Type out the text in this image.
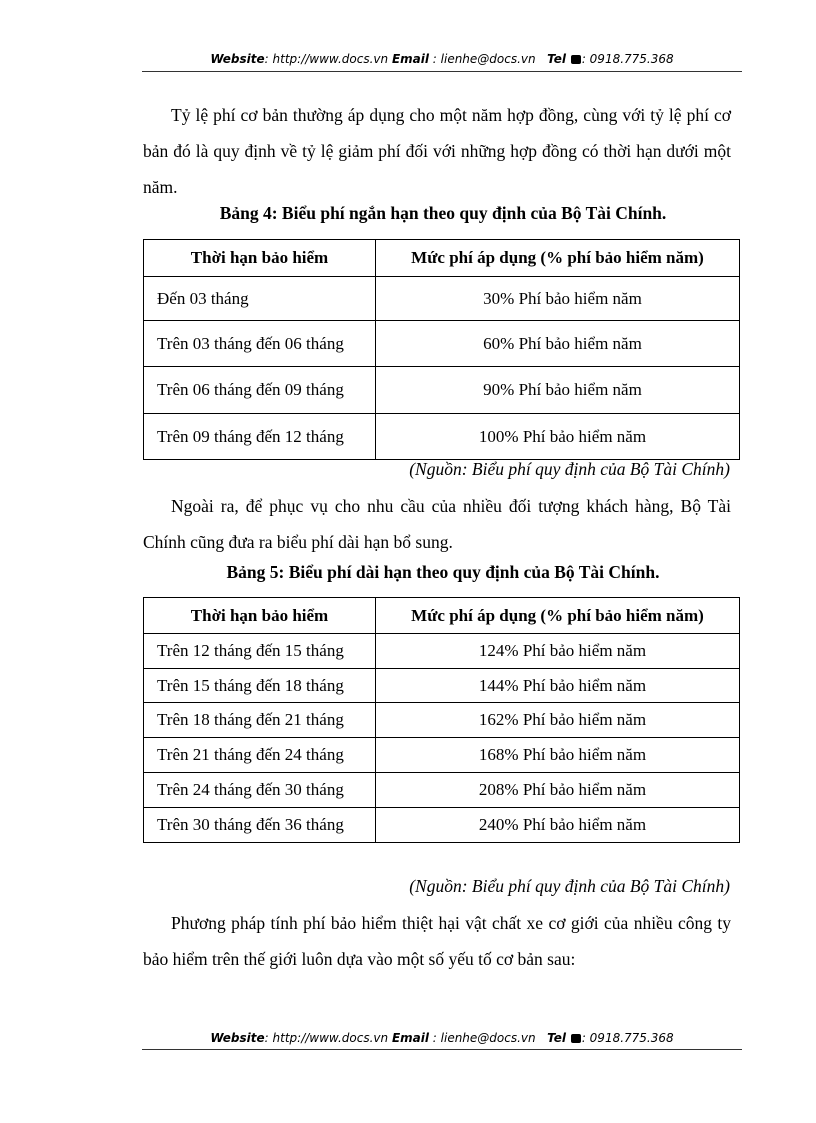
Website: http://www.docs.vn Email : lienhe@docs.vn Tel : 0918.775.368

Tỷ lệ phí cơ bản thường áp dụng cho một năm hợp đồng, cùng với tỷ lệ phí cơ bản đó là quy định về tỷ lệ giảm phí đối với những hợp đồng có thời hạn dưới một năm.

Bảng 4: Biểu phí ngắn hạn theo quy định của Bộ Tài Chính.

Thời hạn bảo hiểm	Mức phí áp dụng (% phí bảo hiểm năm)
Đến 03 tháng	30% Phí bảo hiểm năm
Trên 03 tháng đến 06 tháng	60% Phí bảo hiểm năm
Trên 06 tháng đến 09 tháng	90% Phí bảo hiểm năm
Trên 09 tháng đến 12 tháng	100% Phí bảo hiểm năm

(Nguồn: Biểu phí quy định của Bộ Tài Chính)

Ngoài ra, để phục vụ cho nhu cầu của nhiều đối tượng khách hàng, Bộ Tài Chính cũng đưa ra biểu phí dài hạn bổ sung.

Bảng 5: Biểu phí dài hạn theo quy định của Bộ Tài Chính.

Thời hạn bảo hiểm	Mức phí áp dụng (% phí bảo hiểm năm)
Trên 12 tháng đến 15 tháng	124% Phí bảo hiểm năm
Trên 15 tháng đến 18 tháng	144% Phí bảo hiểm năm
Trên 18 tháng đến 21 tháng	162% Phí bảo hiểm năm
Trên 21 tháng đến 24 tháng	168% Phí bảo hiểm năm
Trên 24 tháng đến 30 tháng	208% Phí bảo hiểm năm
Trên 30 tháng đến 36 tháng	240% Phí bảo hiểm năm

(Nguồn: Biểu phí quy định của Bộ Tài Chính)

Phương pháp tính phí bảo hiểm thiệt hại vật chất xe cơ giới của nhiều công ty bảo hiểm trên thế giới luôn dựa vào một số yếu tố cơ bản sau:

Website: http://www.docs.vn Email : lienhe@docs.vn Tel : 0918.775.368
